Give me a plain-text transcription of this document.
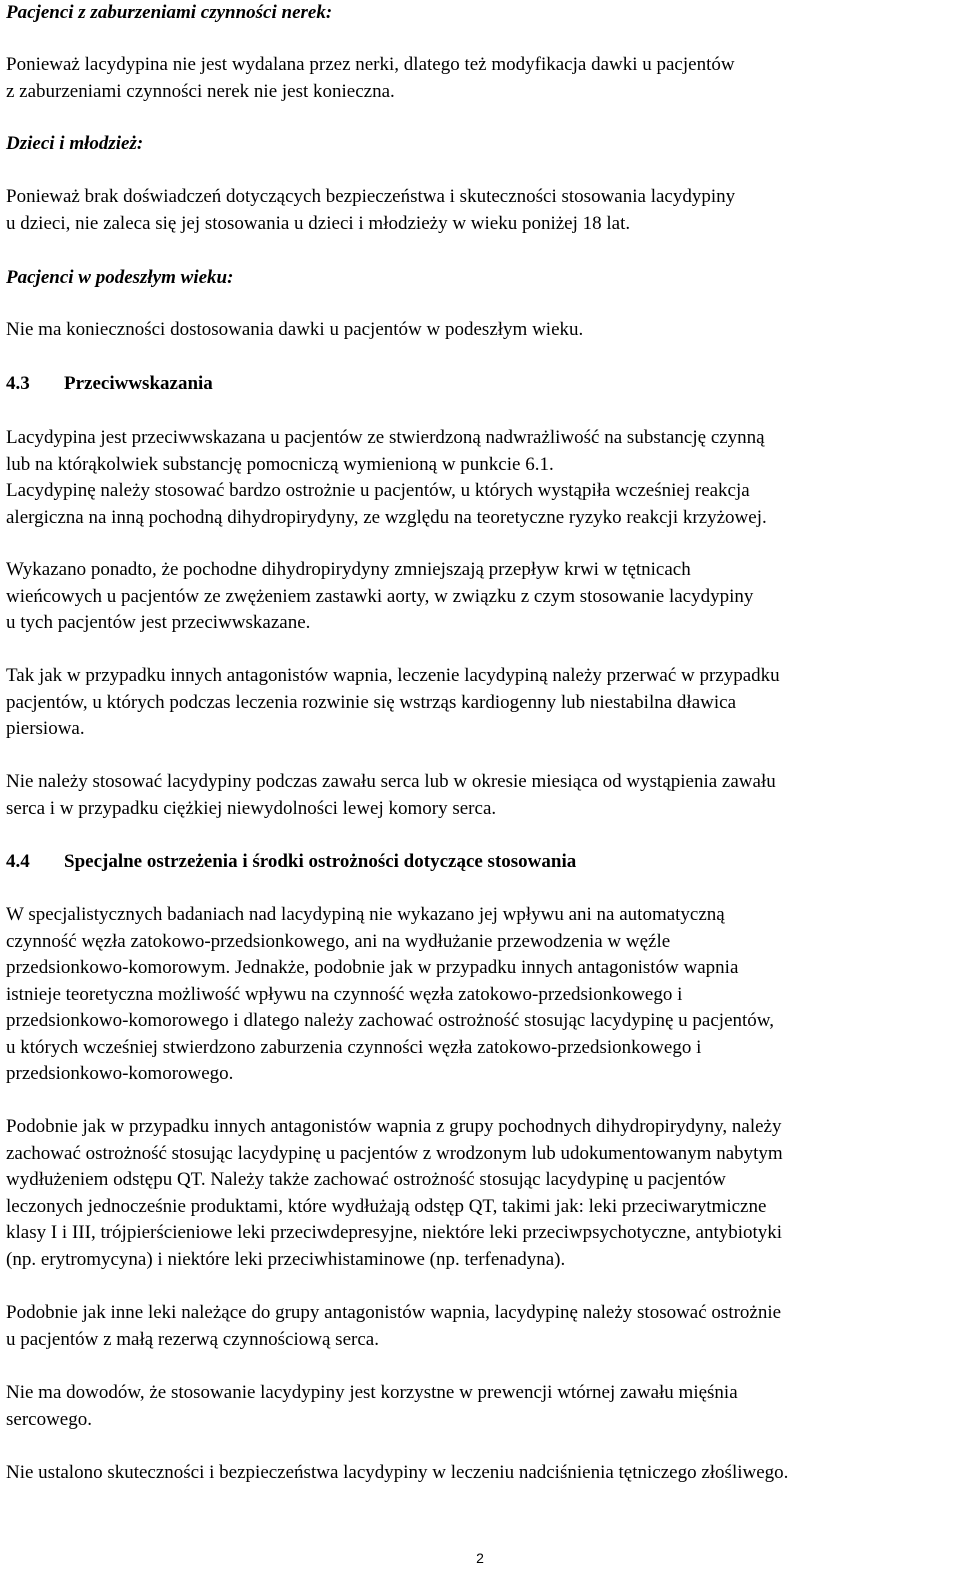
Pacjenci z zaburzeniami czynności nerek:

Ponieważ lacydypina nie jest wydalana przez nerki, dlatego też modyfikacja dawki u pacjentów
z zaburzeniami czynności nerek nie jest konieczna.

Dzieci i młodzież:

Ponieważ brak doświadczeń dotyczących bezpieczeństwa i skuteczności stosowania lacydypiny
u dzieci, nie zaleca się jej stosowania u dzieci i młodzieży w wieku poniżej 18 lat.

Pacjenci w podeszłym wieku:

Nie ma konieczności dostosowania dawki u pacjentów w podeszłym wieku.

4.3	Przeciwwskazania

Lacydypina jest przeciwwskazana u pacjentów ze stwierdzoną nadwrażliwość na substancję czynną
lub na którąkolwiek substancję pomocniczą wymienioną w punkcie 6.1.
Lacydypinę należy stosować bardzo ostrożnie u pacjentów, u których wystąpiła wcześniej reakcja
alergiczna na inną pochodną dihydropirydyny, ze względu na teoretyczne ryzyko reakcji krzyżowej.

Wykazano ponadto, że pochodne dihydropirydyny zmniejszają przepływ krwi w tętnicach
wieńcowych u pacjentów ze zwężeniem zastawki aorty, w związku z czym stosowanie lacydypiny
u tych pacjentów jest przeciwwskazane.

Tak jak w przypadku innych antagonistów wapnia, leczenie lacydypiną należy przerwać w przypadku
pacjentów, u których podczas leczenia rozwinie się wstrząs kardiogenny lub niestabilna dławica
piersiowa.

Nie należy stosować lacydypiny podczas zawału serca lub w okresie miesiąca od wystąpienia zawału
serca i w przypadku ciężkiej niewydolności lewej komory serca.

4.4	Specjalne ostrzeżenia i środki ostrożności dotyczące stosowania

W specjalistycznych badaniach nad lacydypiną nie wykazano jej wpływu ani na automatyczną
czynność węzła zatokowo-przedsionkowego, ani na wydłużanie przewodzenia w węźle
przedsionkowo-komorowym. Jednakże, podobnie jak w przypadku innych antagonistów wapnia
istnieje teoretyczna możliwość wpływu na czynność węzła zatokowo-przedsionkowego i
przedsionkowo-komorowego i dlatego należy zachować ostrożność stosując lacydypinę u pacjentów,
u których wcześniej stwierdzono zaburzenia czynności węzła zatokowo-przedsionkowego i
przedsionkowo-komorowego.

Podobnie jak w przypadku innych antagonistów wapnia z grupy pochodnych dihydropirydyny, należy
zachować ostrożność stosując lacydypinę u pacjentów z wrodzonym lub udokumentowanym nabytym
wydłużeniem odstępu QT. Należy także zachować ostrożność stosując lacydypinę u pacjentów
leczonych jednocześnie produktami, które wydłużają odstęp QT, takimi jak: leki przeciwarytmiczne
klasy I i III, trójpierścieniowe leki przeciwdepresyjne, niektóre leki przeciwpsychotyczne, antybiotyki
(np. erytromycyna) i niektóre leki przeciwhistaminowe (np. terfenadyna).

Podobnie jak inne leki należące do grupy antagonistów wapnia, lacydypinę należy stosować ostrożnie
u pacjentów z małą rezerwą czynnościową serca.

Nie ma dowodów, że stosowanie lacydypiny jest korzystne w prewencji wtórnej zawału mięśnia
sercowego.

Nie ustalono skuteczności i bezpieczeństwa lacydypiny w leczeniu nadciśnienia tętniczego złośliwego.

2
